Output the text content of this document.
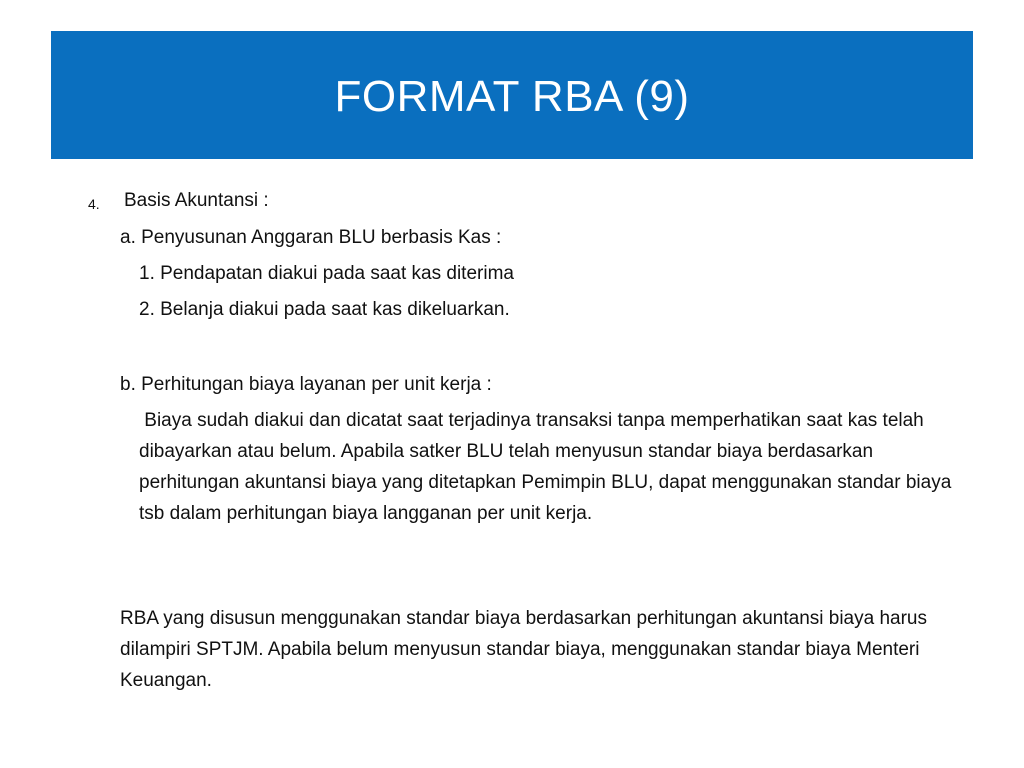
FORMAT RBA (9)
4. Basis Akuntansi :
a. Penyusunan Anggaran BLU berbasis Kas :
1. Pendapatan diakui pada saat kas diterima
2. Belanja diakui pada saat kas dikeluarkan.
b. Perhitungan biaya layanan per unit kerja :
Biaya sudah diakui dan dicatat saat terjadinya transaksi tanpa memperhatikan saat kas telah dibayarkan atau belum. Apabila satker BLU telah menyusun standar biaya berdasarkan perhitungan akuntansi biaya yang ditetapkan Pemimpin BLU, dapat menggunakan standar biaya tsb dalam perhitungan biaya langganan per unit kerja.
RBA yang disusun menggunakan standar biaya berdasarkan perhitungan akuntansi biaya harus dilampiri SPTJM. Apabila belum menyusun standar biaya, menggunakan standar biaya Menteri Keuangan.
